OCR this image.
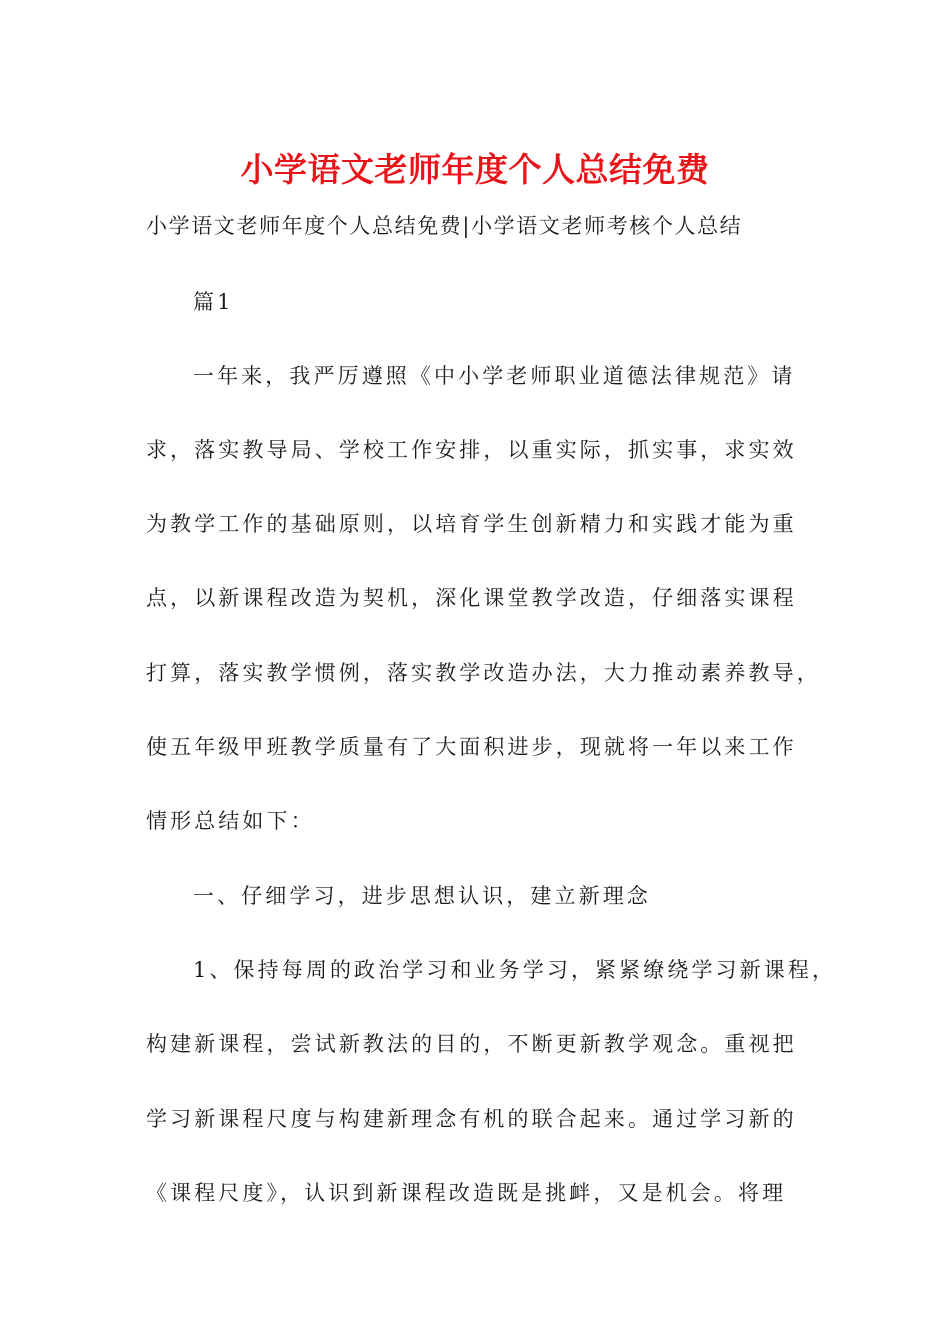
小学语文老师年度个人总结免费
小学语文老师年度个人总结免费|小学语文老师考核个人总结
篇1
一年来，我严厉遵照《中小学老师职业道德法律规范》请
求，落实教导局、学校工作安排，以重实际，抓实事，求实效
为教学工作的基础原则，以培育学生创新精力和实践才能为重
点，以新课程改造为契机，深化课堂教学改造，仔细落实课程
打算，落实教学惯例，落实教学改造办法，大力推动素养教导，
使五年级甲班教学质量有了大面积进步，现就将一年以来工作
情形总结如下：
一、仔细学习，进步思想认识，建立新理念
1、保持每周的政治学习和业务学习，紧紧缭绕学习新课程，
构建新课程，尝试新教法的目的，不断更新教学观念。重视把
学习新课程尺度与构建新理念有机的联合起来。通过学习新的
《课程尺度》，认识到新课程改造既是挑衅，又是机会。将理
